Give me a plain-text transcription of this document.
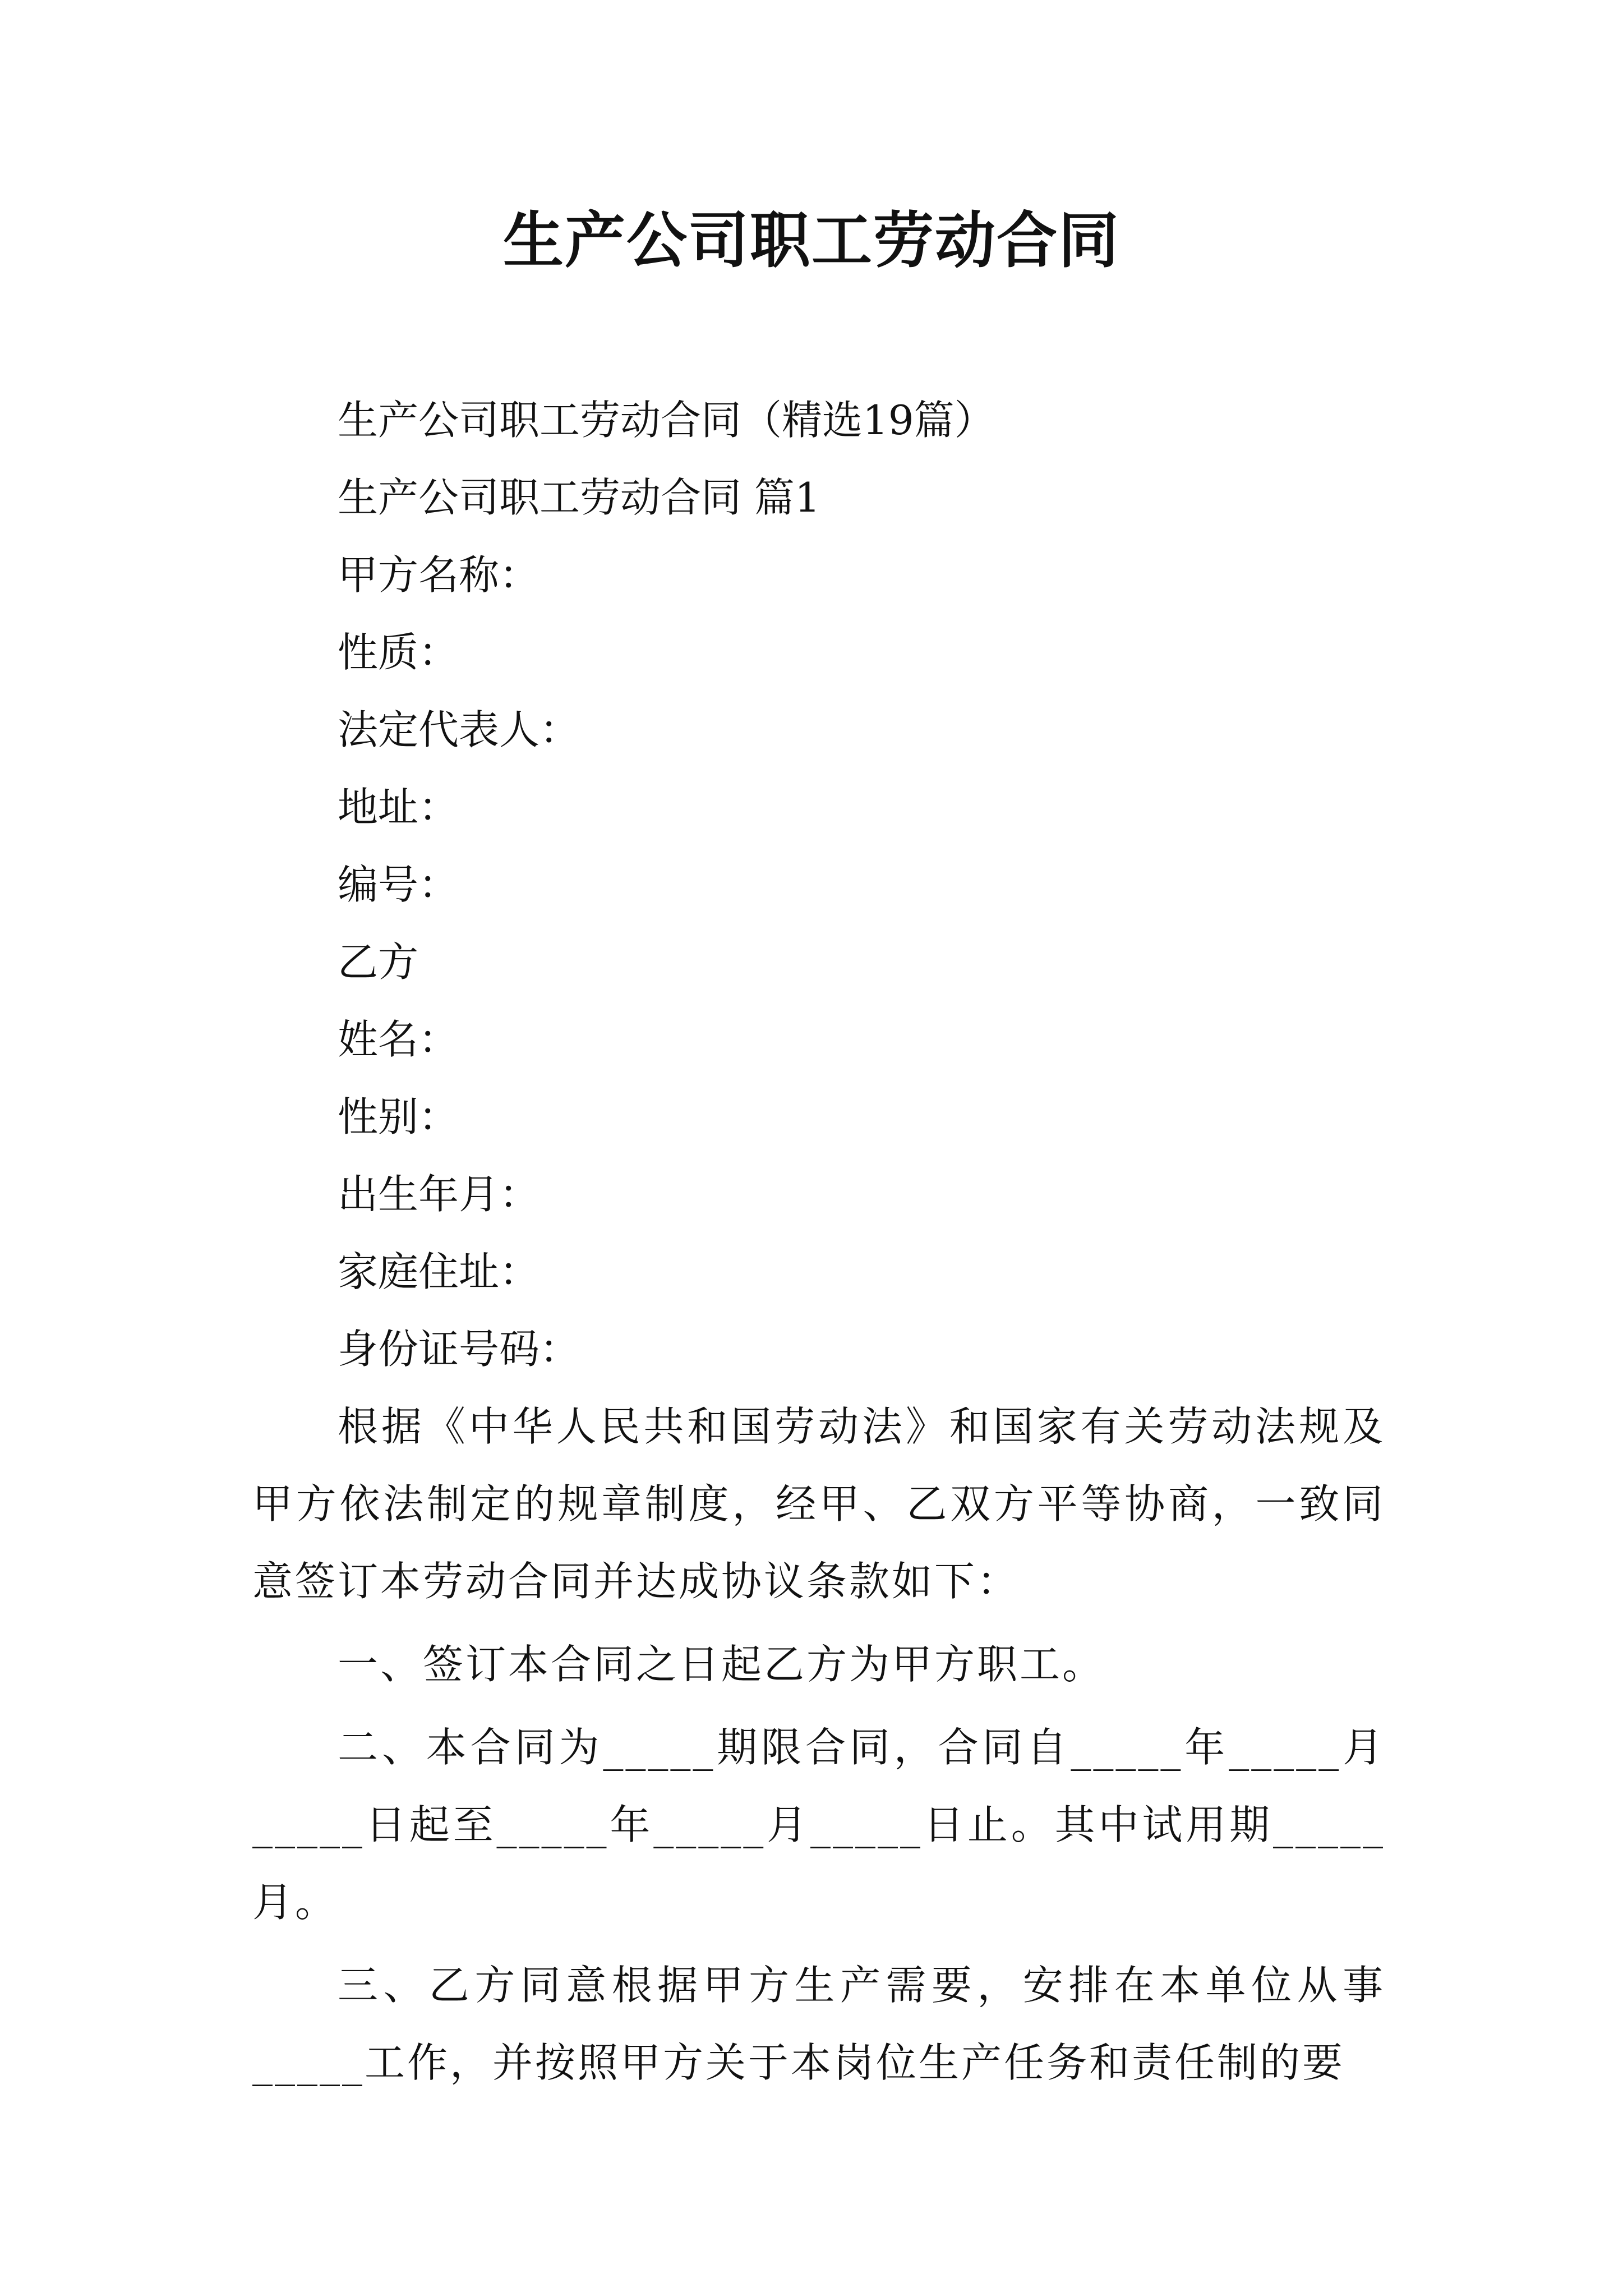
生产公司职工劳动合同
生产公司职工劳动合同（精选19篇）
生产公司职工劳动合同 篇1
甲方名称：
性质：
法定代表人：
地址：
编号：
乙方
姓名：
性别：
出生年月：
家庭住址：
身份证号码：

根据《中华人民共和国劳动法》和国家有关劳动法规及甲方依法制定的规章制度，经甲、乙双方平等协商，一致同意签订本劳动合同并达成协议条款如下：

一、签订本合同之日起乙方为甲方职工。

二、本合同为_____期限合同，合同自_____年_____月_____日起至_____年_____月_____日止。其中试用期_____月。

三、乙方同意根据甲方生产需要，安排在本单位从事_____工作，并按照甲方关于本岗位生产任务和责任制的要
